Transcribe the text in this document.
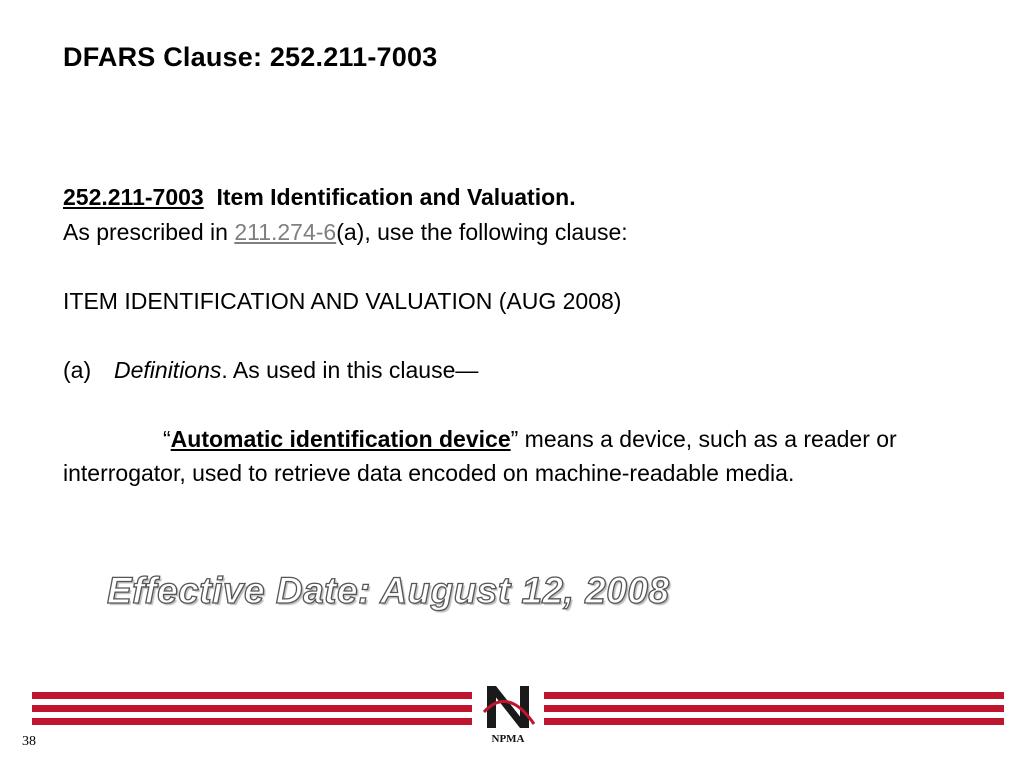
DFARS Clause: 252.211-7003

252.211-7003 Item Identification and Valuation.

As prescribed in 211.274-6(a), use the following clause:

ITEM IDENTIFICATION AND VALUATION (AUG 2008)

(a) Definitions. As used in this clause—

“Automatic identification device” means a device, such as a reader or interrogator, used to retrieve data encoded on machine-readable media.

Effective Date: August 12, 2008
NPMA
38
